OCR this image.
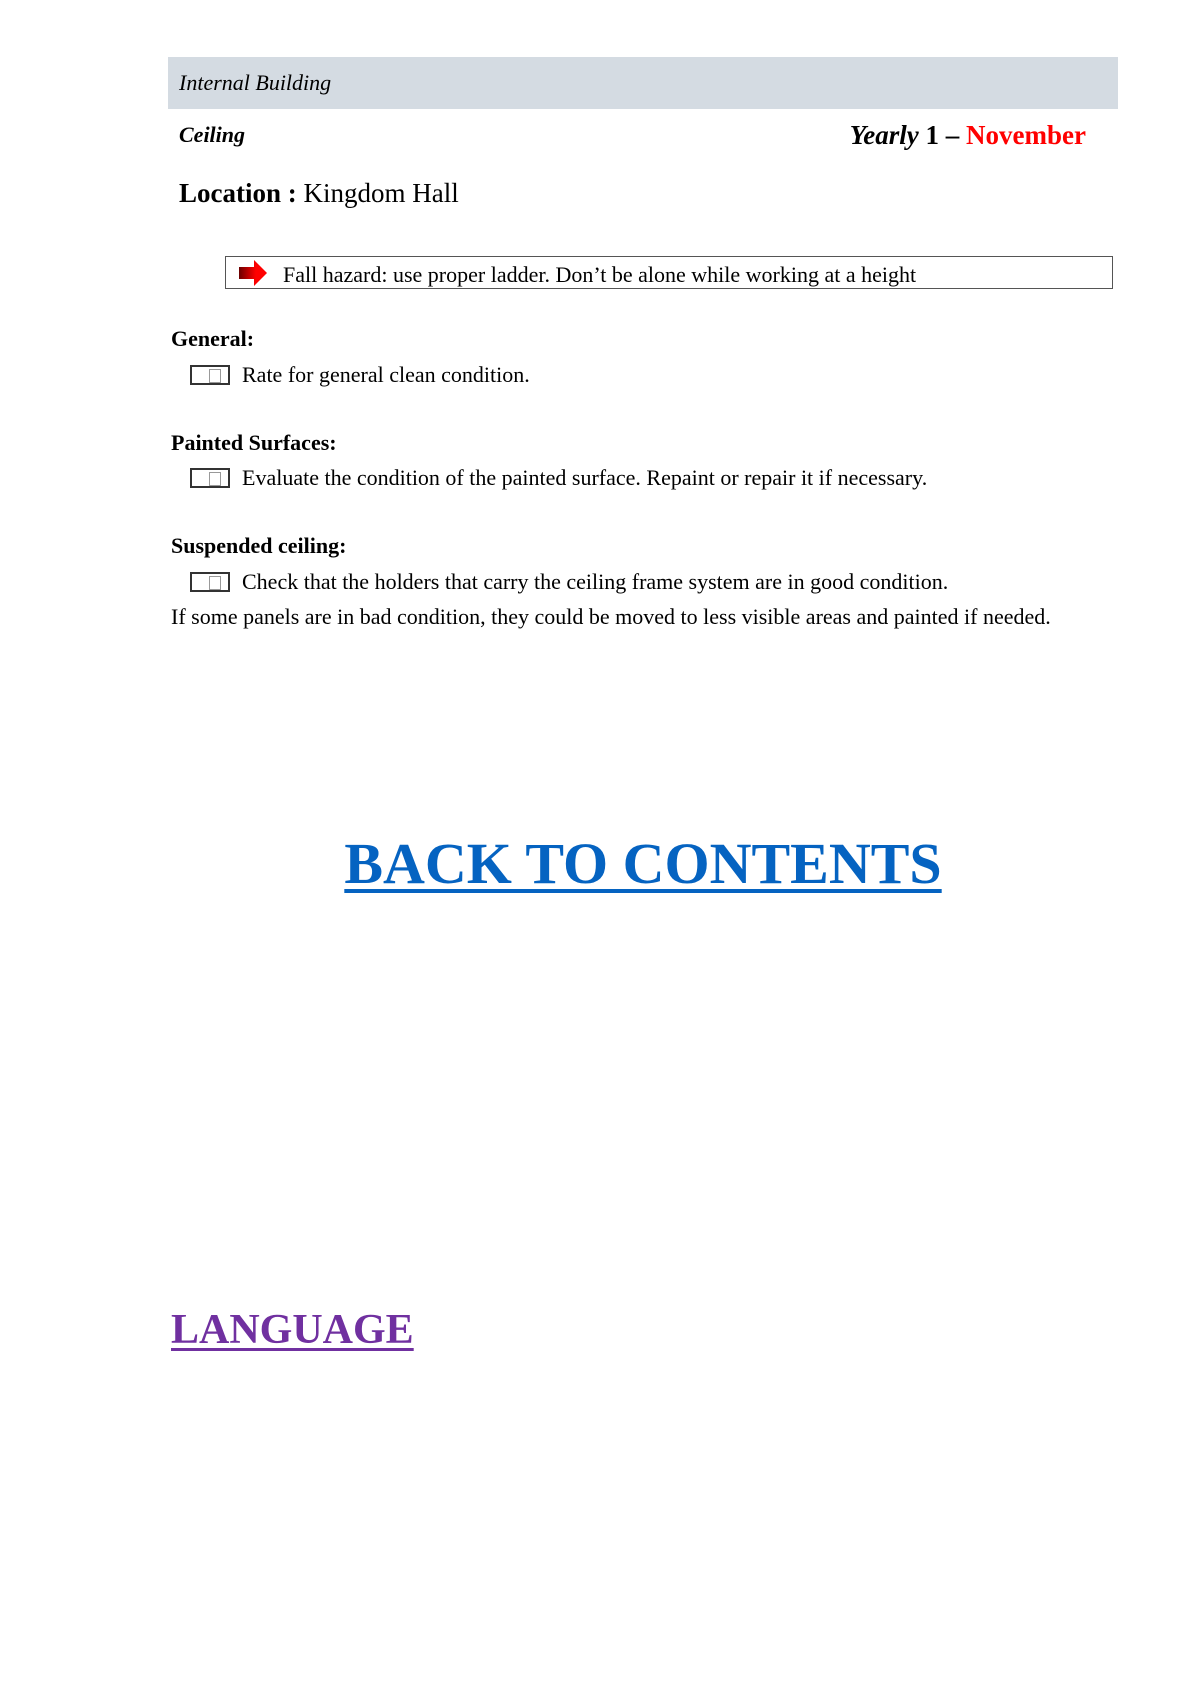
Internal Building
Ceiling	Yearly 1 – November
Location : Kingdom Hall
Fall hazard: use proper ladder. Don’t be alone while working at a height
General:
Rate for general clean condition.
Painted Surfaces:
Evaluate the condition of the painted surface. Repaint or repair it if necessary.
Suspended ceiling:
Check that the holders that carry the ceiling frame system are in good condition.
If some panels are in bad condition, they could be moved to less visible areas and painted if needed.
BACK TO CONTENTS
LANGUAGE
